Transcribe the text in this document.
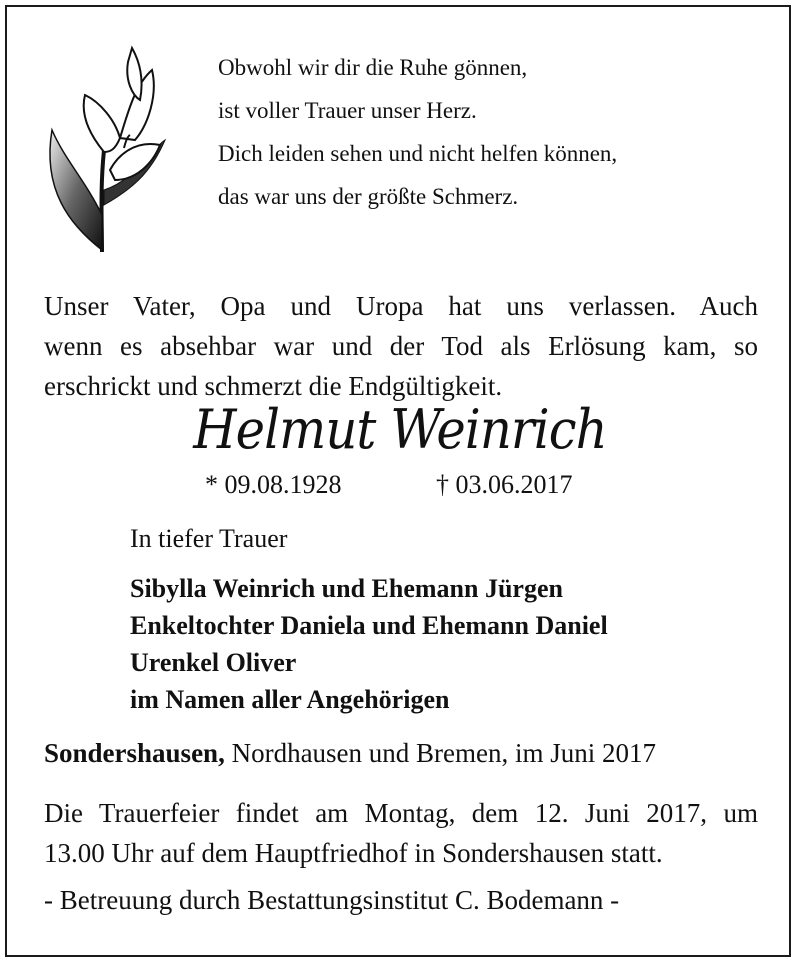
Obwohl wir dir die Ruhe gönnen,
ist voller Trauer unser Herz.
Dich leiden sehen und nicht helfen können,
das war uns der größte Schmerz.
Unser Vater, Opa und Uropa hat uns verlassen. Auch
wenn es absehbar war und der Tod als Erlösung kam, so
erschrickt und schmerzt die Endgültigkeit.
Helmut Weinrich
* 09.08.1928	† 03.06.2017
In tiefer Trauer
Sibylla Weinrich und Ehemann Jürgen
Enkeltochter Daniela und Ehemann Daniel
Urenkel Oliver
im Namen aller Angehörigen
Sondershausen, Nordhausen und Bremen, im Juni 2017
Die Trauerfeier findet am Montag, dem 12. Juni 2017, um
13.00 Uhr auf dem Hauptfriedhof in Sondershausen statt.
- Betreuung durch Bestattungsinstitut C. Bodemann -
